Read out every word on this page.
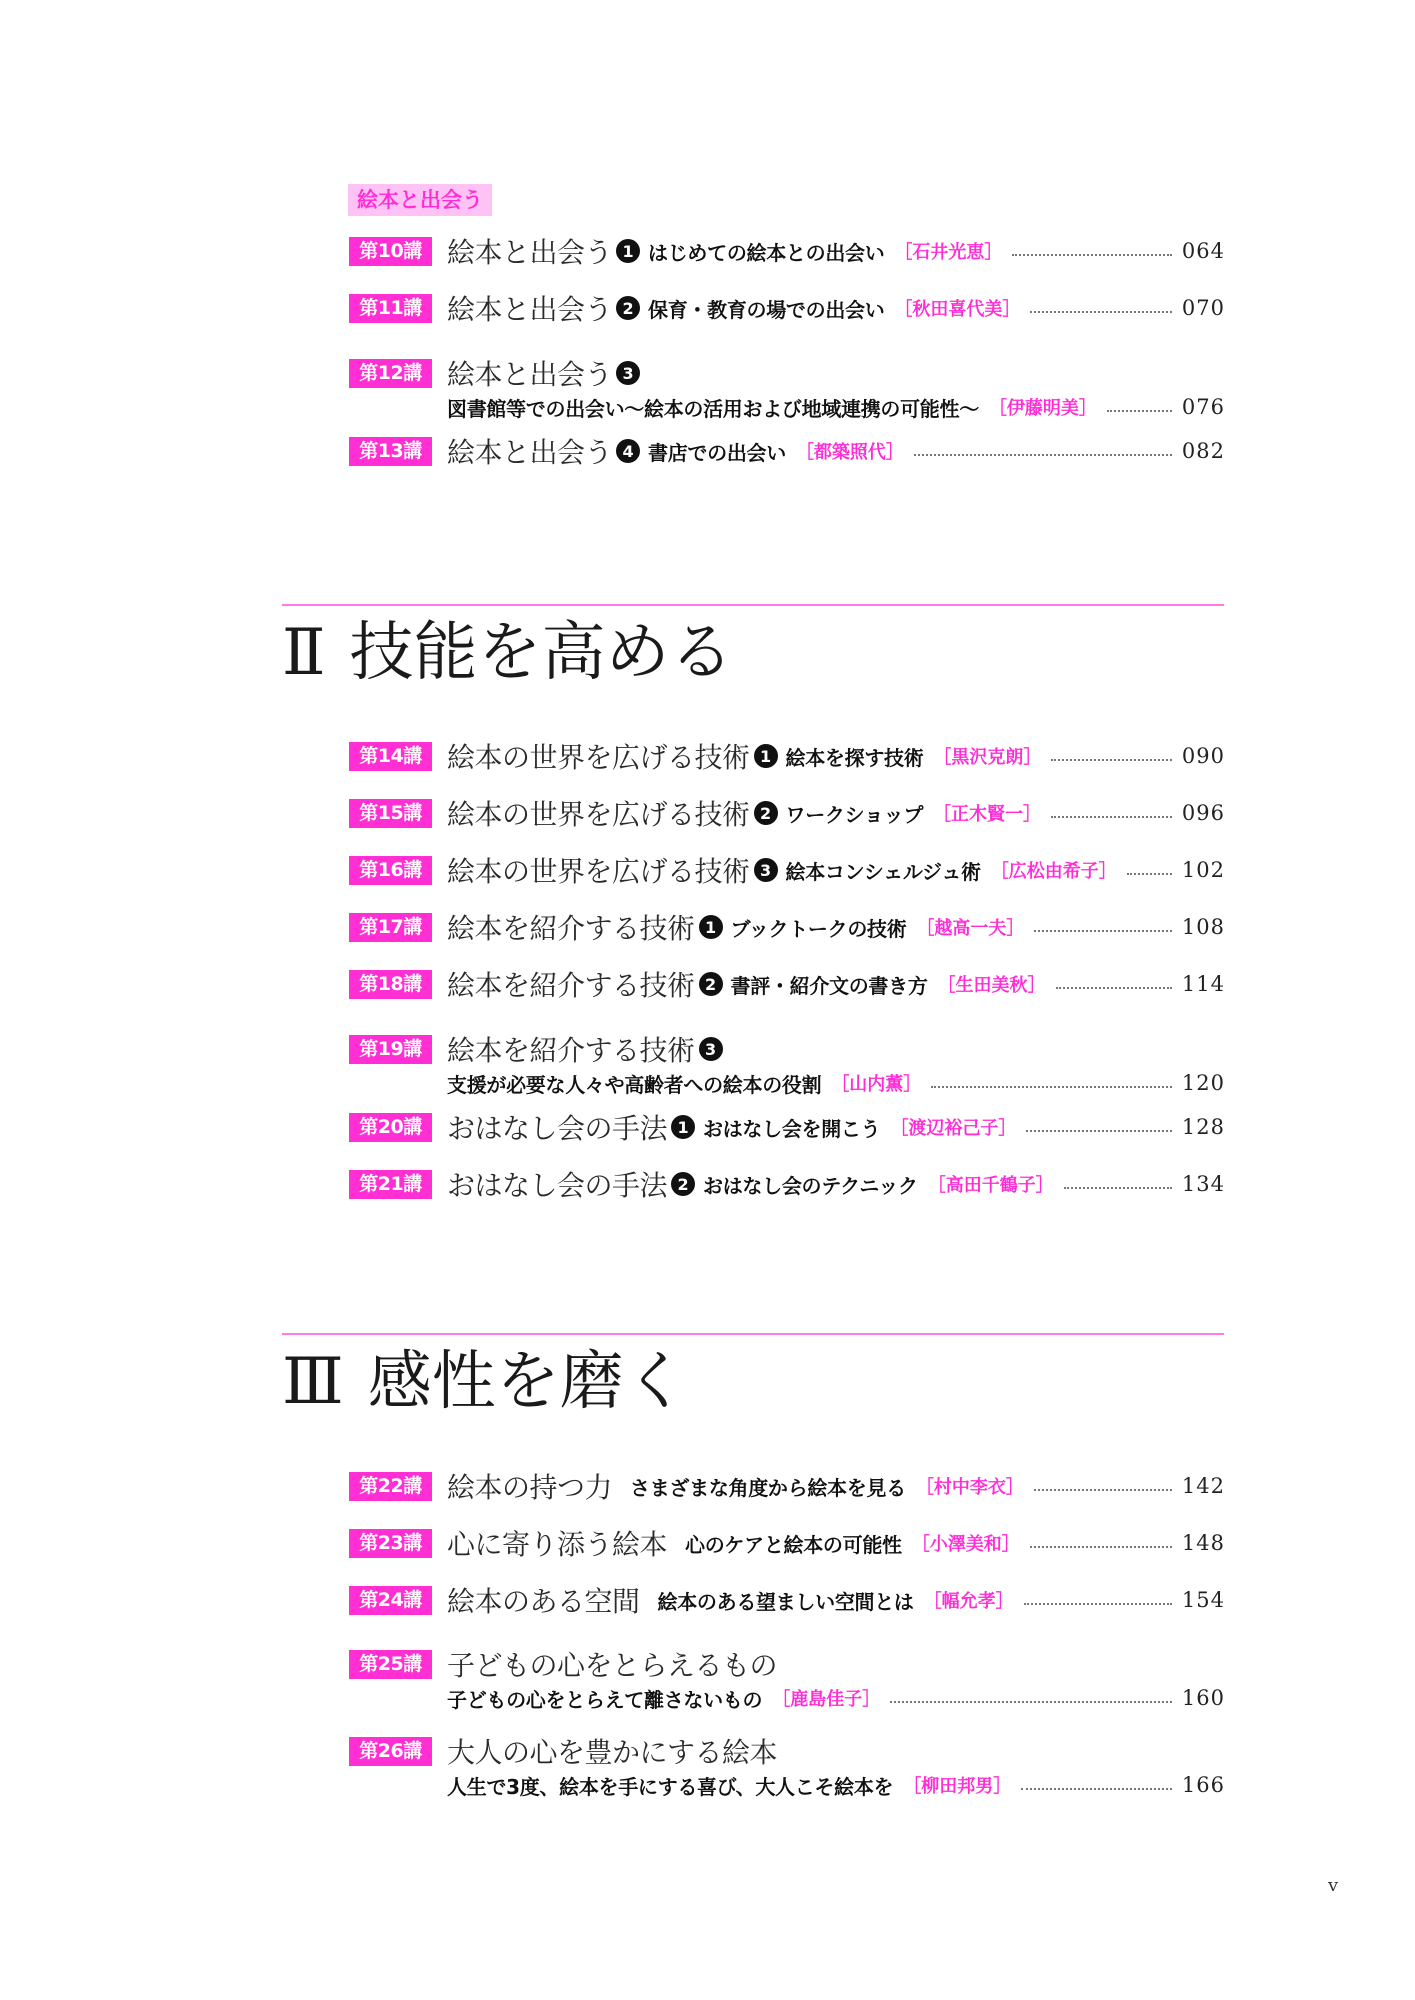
絵本と出会う
第10講 絵本と出会う 1 はじめての絵本との出会い ［石井光恵］	064
第11講 絵本と出会う 2 保育・教育の場での出会い ［秋田喜代美］	070
第12講 絵本と出会う 3
図書館等での出会い～絵本の活用および地域連携の可能性～ ［伊藤明美］	076
第13講 絵本と出会う 4 書店での出会い ［都築照代］	082
Ⅱ 技能を高める
第14講 絵本の世界を広げる技術 1 絵本を探す技術 ［黒沢克朗］	090
第15講 絵本の世界を広げる技術 2 ワークショップ ［正木賢一］	096
第16講 絵本の世界を広げる技術 3 絵本コンシェルジュ術 ［広松由希子］	102
第17講 絵本を紹介する技術 1 ブックトークの技術 ［越高一夫］	108
第18講 絵本を紹介する技術 2 書評・紹介文の書き方 ［生田美秋］	114
第19講 絵本を紹介する技術 3
支援が必要な人々や高齢者への絵本の役割 ［山内薫］	120
第20講 おはなし会の手法 1 おはなし会を開こう ［渡辺裕己子］	128
第21講 おはなし会の手法 2 おはなし会のテクニック ［高田千鶴子］	134
Ⅲ 感性を磨く
第22講 絵本の持つ力 さまざまな角度から絵本を見る ［村中李衣］	142
第23講 心に寄り添う絵本 心のケアと絵本の可能性 ［小澤美和］	148
第24講 絵本のある空間 絵本のある望ましい空間とは ［幅允孝］	154
第25講 子どもの心をとらえるもの
子どもの心をとらえて離さないもの ［鹿島佳子］	160
第26講 大人の心を豊かにする絵本
人生で3度、絵本を手にする喜び、大人こそ絵本を ［柳田邦男］	166
v
